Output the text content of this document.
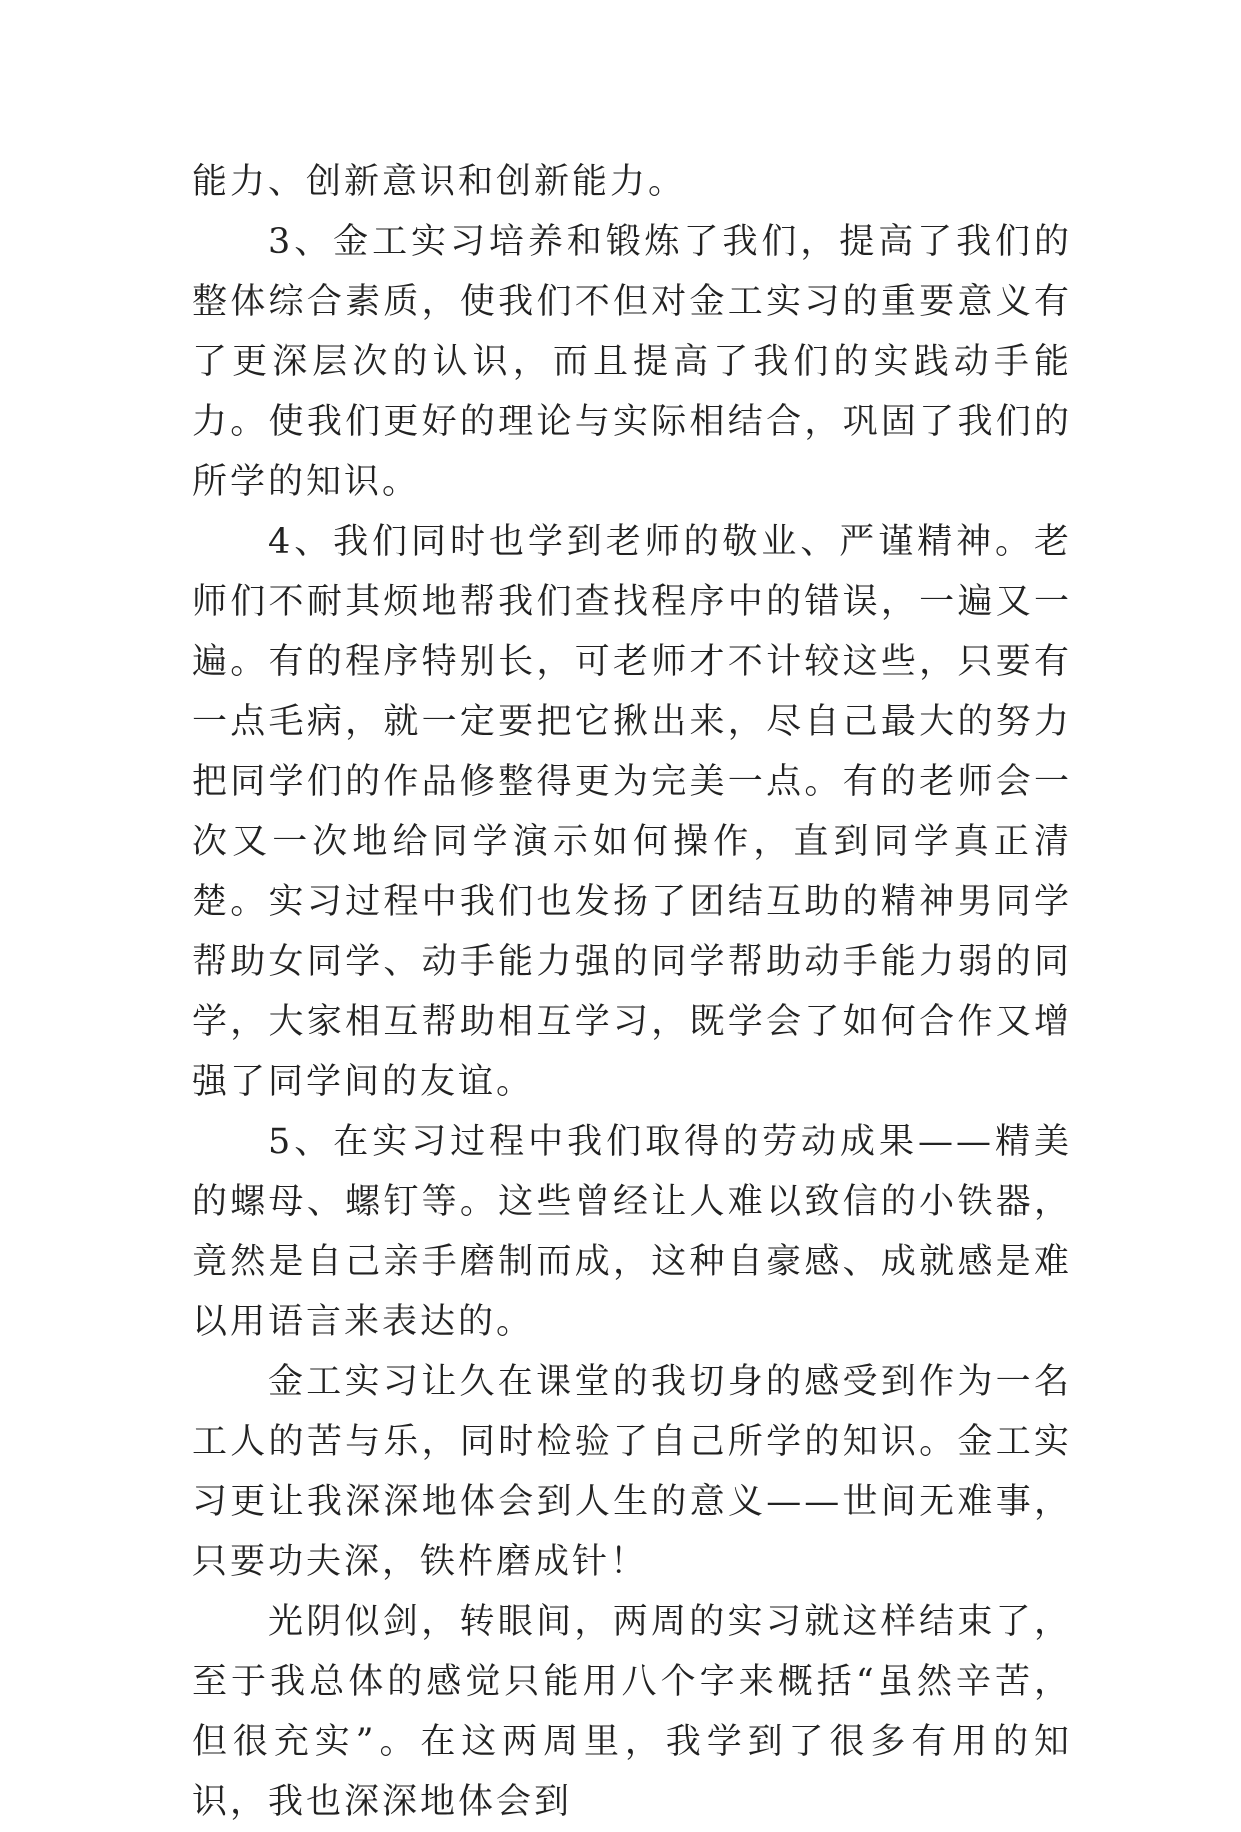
能力、创新意识和创新能力。

3、金工实习培养和锻炼了我们，提高了我们的整体综合素质，使我们不但对金工实习的重要意义有了更深层次的认识，而且提高了我们的实践动手能力。使我们更好的理论与实际相结合，巩固了我们的所学的知识。

4、我们同时也学到老师的敬业、严谨精神。老师们不耐其烦地帮我们查找程序中的错误，一遍又一遍。有的程序特别长，可老师才不计较这些，只要有一点毛病，就一定要把它揪出来，尽自己最大的努力把同学们的作品修整得更为完美一点。有的老师会一次又一次地给同学演示如何操作，直到同学真正清楚。实习过程中我们也发扬了团结互助的精神男同学帮助女同学、动手能力强的同学帮助动手能力弱的同学，大家相互帮助相互学习，既学会了如何合作又增强了同学间的友谊。

5、在实习过程中我们取得的劳动成果——精美的螺母、螺钉等。这些曾经让人难以致信的小铁器，竟然是自己亲手磨制而成，这种自豪感、成就感是难以用语言来表达的。

金工实习让久在课堂的我切身的感受到作为一名工人的苦与乐，同时检验了自己所学的知识。金工实习更让我深深地体会到人生的意义——世间无难事，只要功夫深，铁杵磨成针！

光阴似剑，转眼间，两周的实习就这样结束了，至于我总体的感觉只能用八个字来概括“虽然辛苦，但很充实”。在这两周里，我学到了很多有用的知识，我也深深地体会到
